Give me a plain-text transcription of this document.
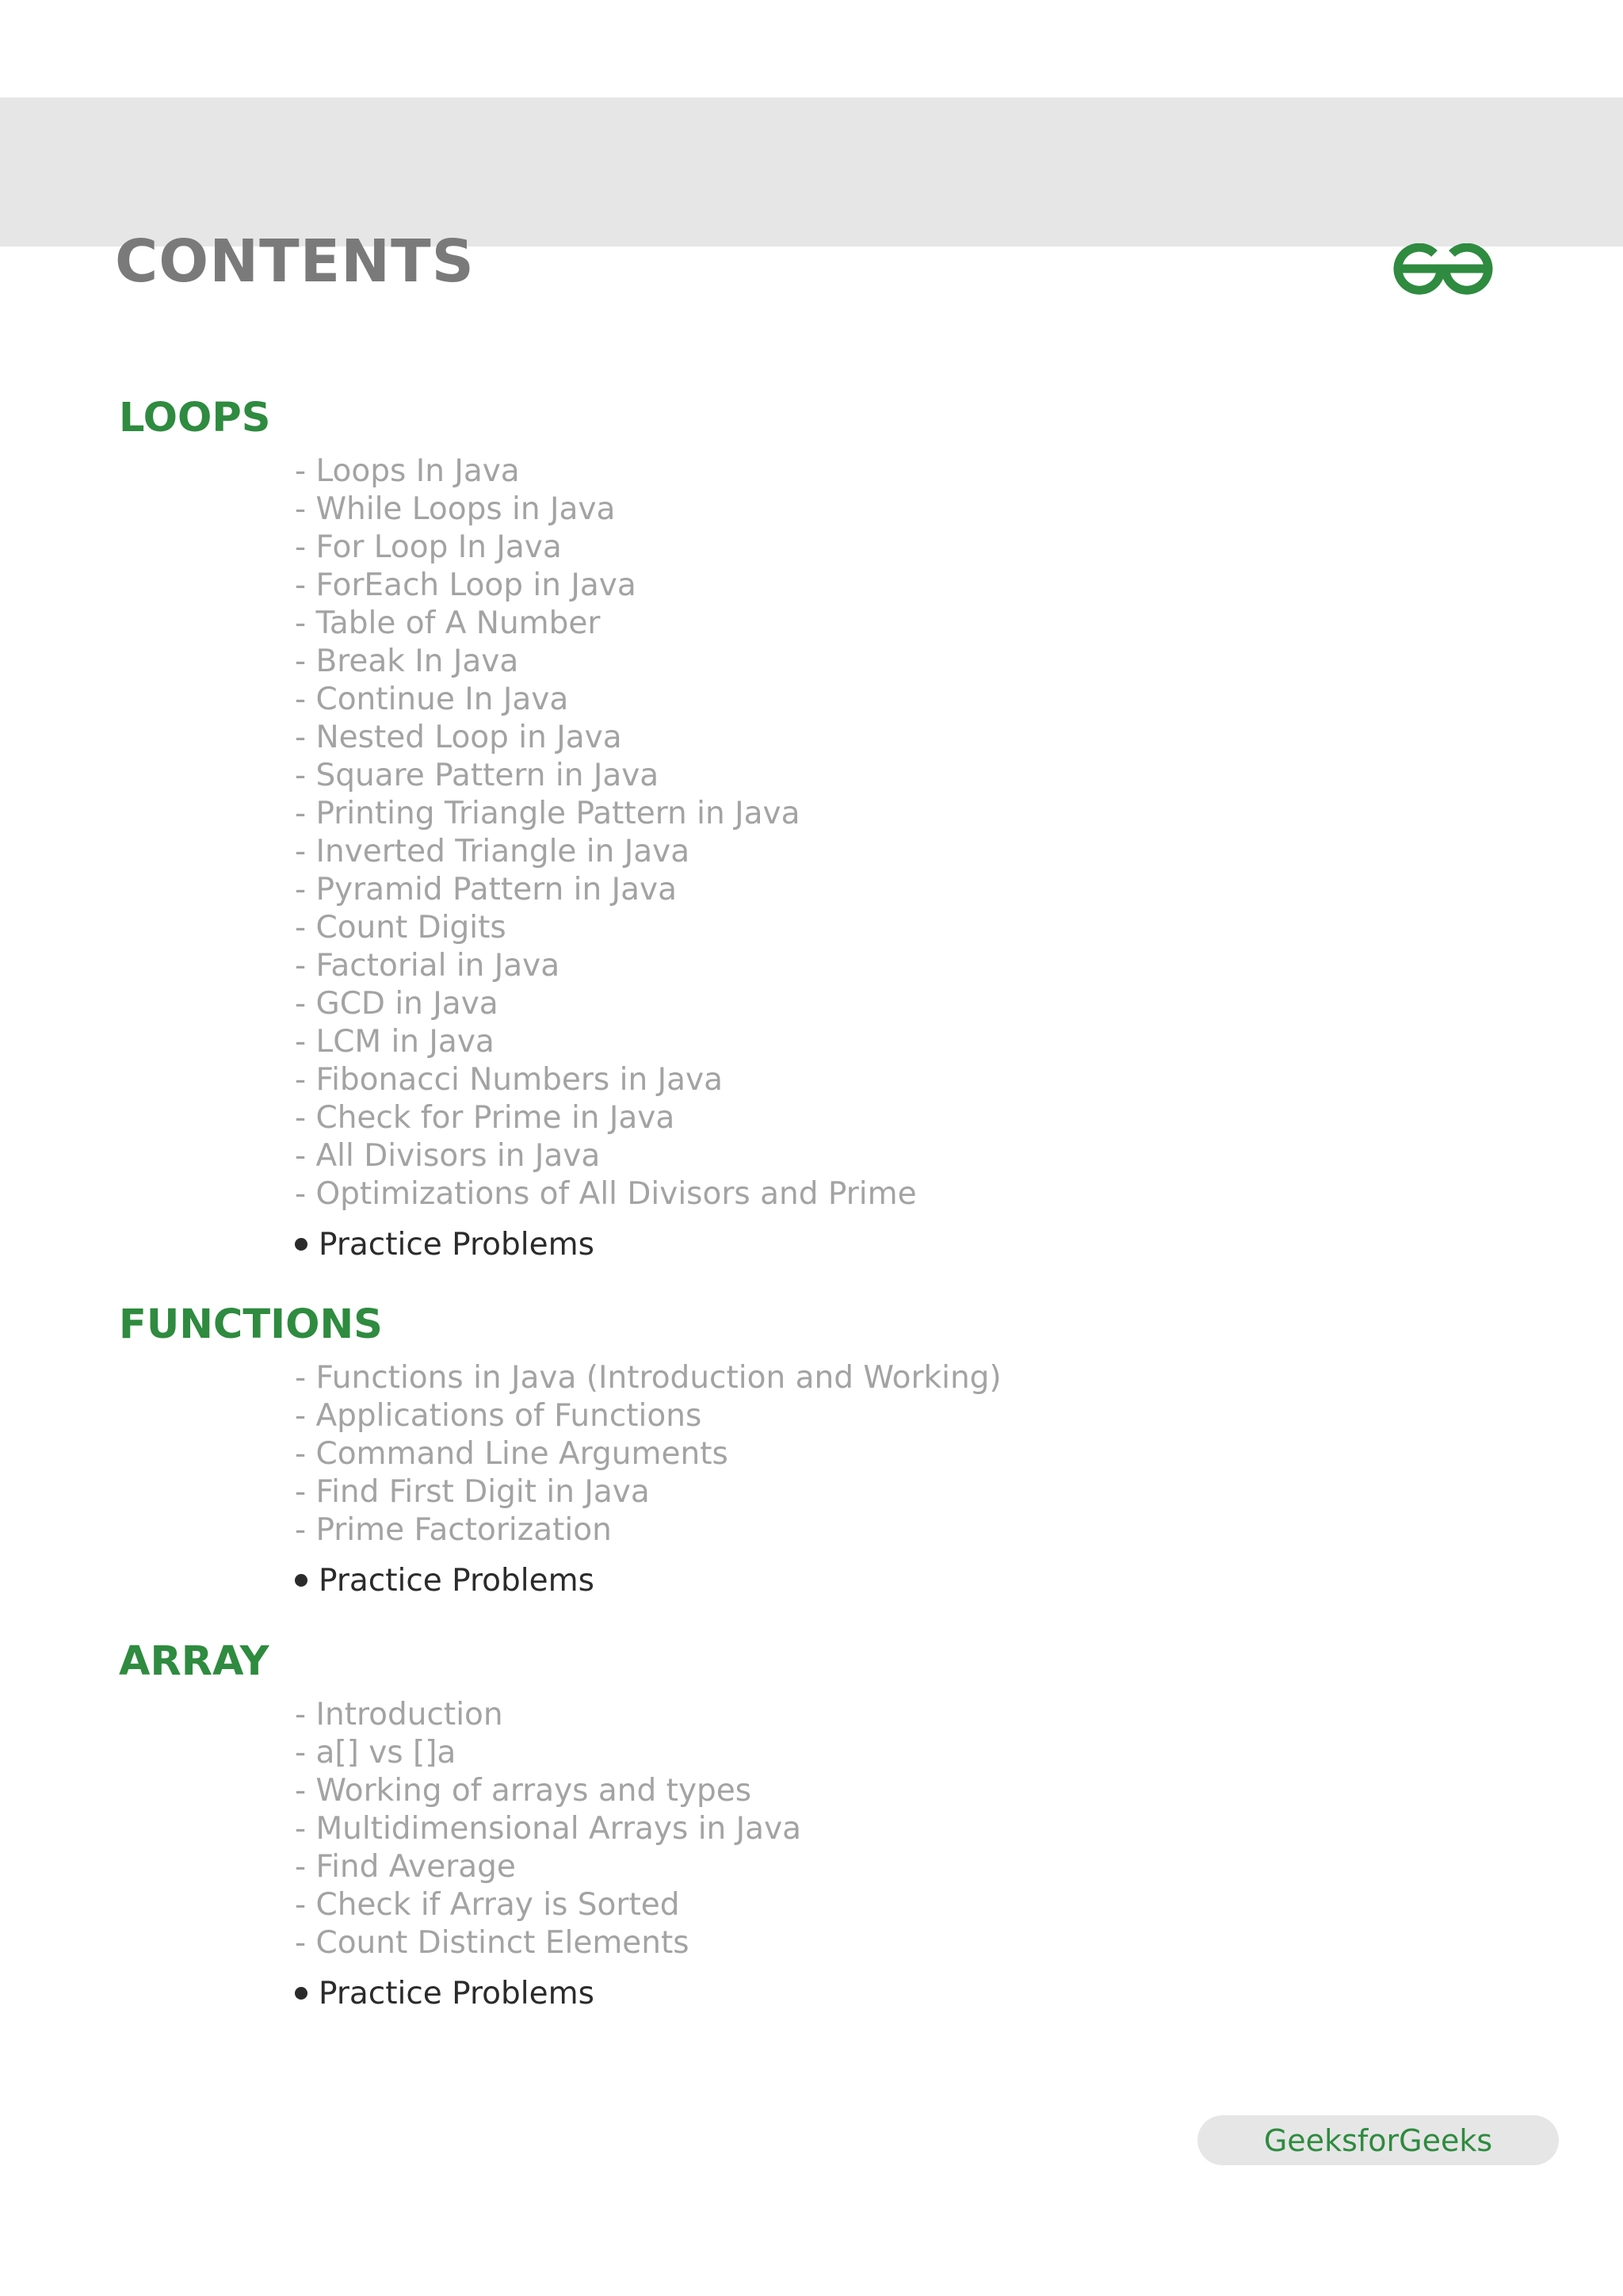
CONTENTS
LOOPS
- Loops In Java
- While Loops in Java
- For Loop In Java
- ForEach Loop in Java
- Table of A Number
- Break In Java
- Continue In Java
- Nested Loop in Java
- Square Pattern in Java
- Printing Triangle Pattern in Java
- Inverted Triangle in Java
- Pyramid Pattern in Java
- Count Digits
- Factorial in Java
- GCD in Java
- LCM in Java
- Fibonacci Numbers in Java
- Check for Prime in Java
- All Divisors in Java
- Optimizations of All Divisors and Prime
Practice Problems
FUNCTIONS
- Functions in Java (Introduction and Working)
- Applications of Functions
- Command Line Arguments
- Find First Digit in Java
- Prime Factorization
Practice Problems
ARRAY
- Introduction
- a[] vs []a
- Working of arrays and types
- Multidimensional Arrays in Java
- Find Average
- Check if Array is Sorted
- Count Distinct Elements
Practice Problems
GeeksforGeeks
